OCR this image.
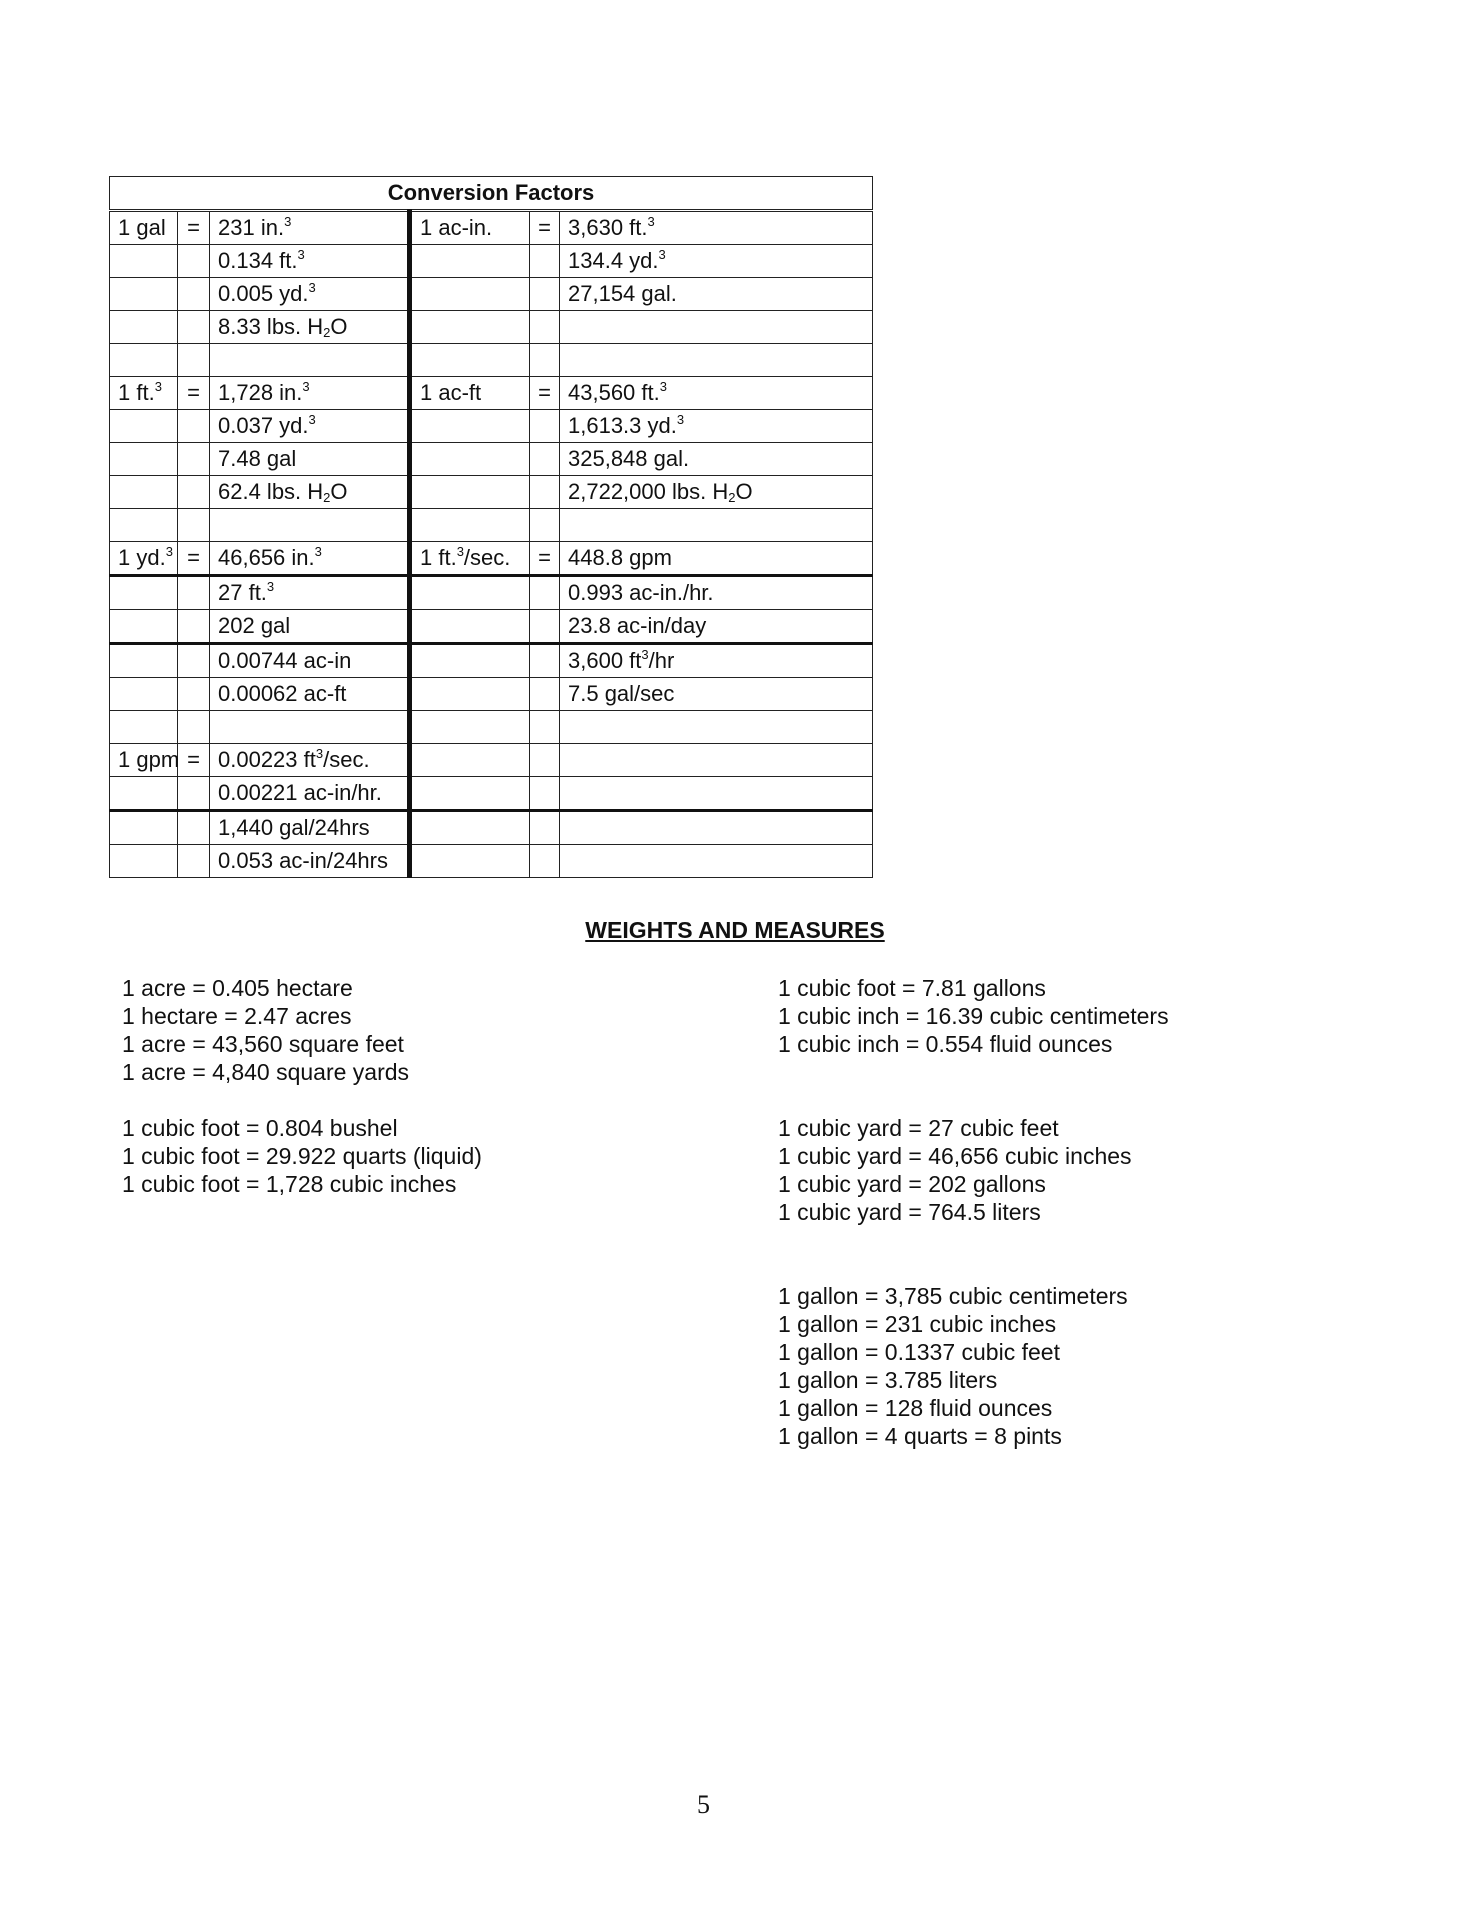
Conversion Factors					
1 gal	=	231 in.$^3$	1 ac-in.	=	3,630 ft.$^3$
		0.134 ft.$^3$			134.4 yd.$^3$
		0.005 yd.$^3$			27,154 gal.
		8.33 lbs. $H_2O$			

1 ft.$^3$	=	1,728 in.$^3$	1 ac-ft	=	43,560 ft.$^3$
		0.037 yd.$^3$			1,613.3 yd.$^3$
		7.48 gal			325,848 gal.
		62.4 lbs. $H_2O$			2,722,000 lbs. $H_2O$

1 yd.$^3$	=	46,656 in.$^3$	1 ft.$^3$/sec.	=	448.8 gpm
		27 ft.$^3$			0.993 ac-in./hr.
		202 gal			23.8 ac-in/day
		0.00744 ac-in			3,600 $ft^3/hr$
		0.00062 ac-ft			7.5 gal/sec

1 gpm	=	0.00223 $ft^3/\sec$.			
		0.00221 ac-in/hr.			
		1,440 gal/24hrs			
		0.053 ac-in/24hrs			
WEIGHTS AND MEASURES
1 acre = 0.405 hectare
1 hectare = 2.47 acres
1 acre = 43,560 square feet
1 acre = 4,840 square yards
1 cubic foot = 0.804 bushel
1 cubic foot = 29.922 quarts (liquid)
1 cubic foot = 1,728 cubic inches
1 cubic foot = 7.81 gallons
1 cubic inch = 16.39 cubic centimeters
1 cubic inch = 0.554 fluid ounces
1 cubic yard = 27 cubic feet
1 cubic yard = 46,656 cubic inches
1 cubic yard = 202 gallons
1 cubic yard = 764.5 liters
1 gallon = 3,785 cubic centimeters
1 gallon = 231 cubic inches
1 gallon = 0.1337 cubic feet
1 gallon = 3.785 liters
1 gallon = 128 fluid ounces
1 gallon = 4 quarts = 8 pints
5
